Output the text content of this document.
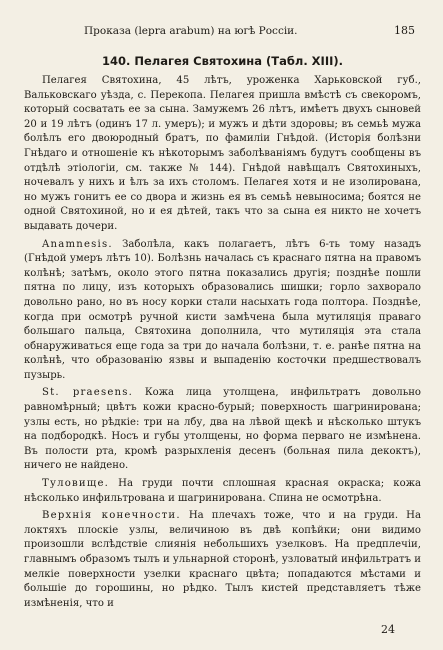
Проказа (lepra arabum) на югѣ Россіи.	185
140. Пелагея Святохина (Табл. XIII).

Пелагея Святохина, 45 лѣтъ, уроженка Харьковской губ., Вальковскаго уѣзда, с. Перекопа. Пелагея пришла вмѣстѣ съ свекоромъ, который сосватать ее за сына. Замужемъ 26 лѣтъ, имѣетъ двухъ сыновей 20 и 19 лѣтъ (одинъ 17 л. умеръ); и мужъ и дѣти здоровы; въ семьѣ мужа болѣлъ его двоюродный братъ, по фамиліи Гнѣдой. (Исторія болѣзни Гнѣдаго и отношеніе къ нѣкоторымъ заболѣваніямъ будутъ сообщены въ отдѣлѣ этіологіи, см. также № 144). Гнѣдой навѣщалъ Святохиныхъ, ночевалъ у нихъ и ѣлъ за ихъ столомъ. Пелагея хотя и не изолирована, но мужъ гонитъ ее со двора и жизнь ея въ семьѣ невыносима; боятся не одной Святохиной, но и ея дѣтей, такъ что за сына ея никто не хочетъ выдавать дочери.

Anamnesis. Заболѣла, какъ полагаетъ, лѣтъ 6-ть тому назадъ (Гнѣдой умеръ лѣтъ 10). Болѣзнь началась съ краснаго пятна на правомъ колѣнѣ; затѣмъ, около этого пятна показались другія; позднѣе пошли пятна по лицу, изъ которыхъ образовались шишки; горло захворало довольно рано, но въ носу корки стали насыхать года полтора. Позднѣе, когда при осмотрѣ ручной кисти замѣчена была мутиляція праваго большаго пальца, Святохина дополнила, что мутиляція эта стала обнаруживаться еще года за три до начала болѣзни, т. е. ранѣе пятна на колѣнѣ, что образованію язвы и выпаденію косточки предшествовалъ пузырь.

St. praesens. Кожа лица утолщена, инфильтратъ довольно равномѣрный; цвѣтъ кожи красно-бурый; поверхность шагринирована; узлы есть, но рѣдкіе: три на лбу, два на лѣвой щекѣ и нѣсколько штукъ на подбородкѣ. Носъ и губы утолщены, но форма перваго не измѣнена. Въ полости рта, кромѣ разрыхленія десенъ (больная пила декоктъ), ничего не найдено.

Туловище. На груди почти сплошная красная окраска; кожа нѣсколько инфильтрована и шагринирована. Спина не осмотрѣна.

Верхнія конечности. На плечахъ тоже, что и на груди. На локтяхъ плоскіе узлы, величиною въ двѣ копѣйки; они видимо произошли вслѣдствіе слиянія небольшихъ узелковъ. На предплечіи, главнымъ образомъ тылъ и ульнарной сторонѣ, узловатый инфильтратъ и мелкіе поверхности узелки краснаго цвѣта; попадаются мѣстами и большіе до горошины, но рѣдко. Тылъ кистей представляетъ тѣже измѣненія, что и

24
